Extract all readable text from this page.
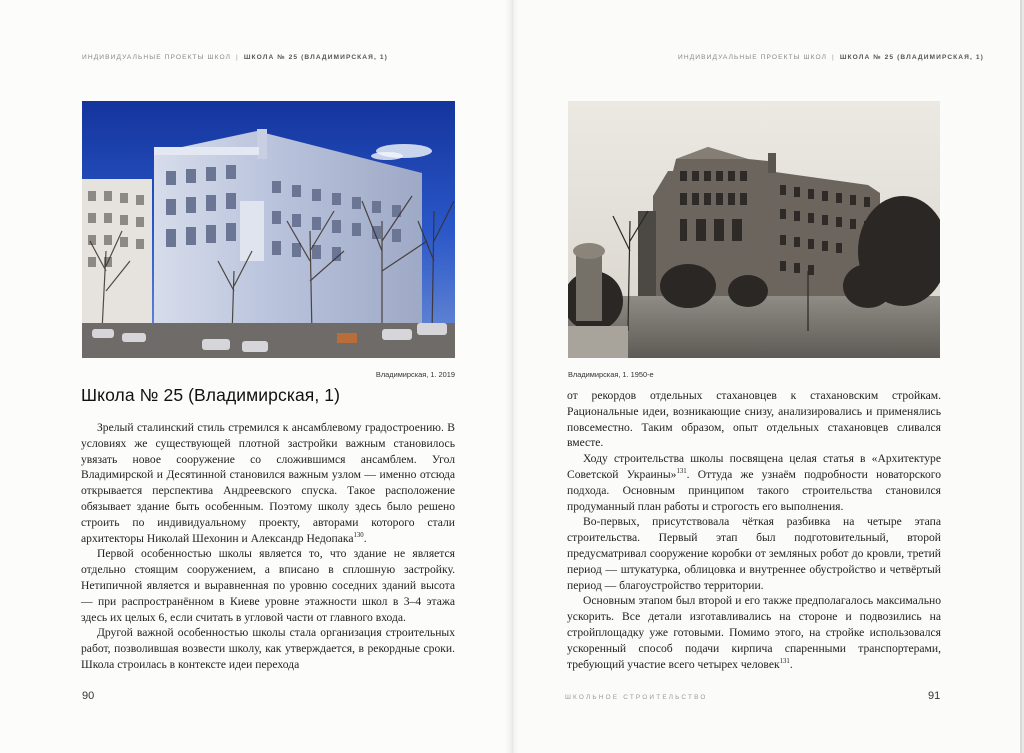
ИНДИВИДУАЛЬНЫЕ ПРОЕКТЫ ШКОЛ | ШКОЛА № 25 (ВЛАДИМИРСКАЯ, 1)
Владимирская, 1. 2019
Школа № 25 (Владимирская, 1)

Зрелый сталинский стиль стремился к ансамблевому градостроению. В условиях же существующей плотной застройки важным становилось увязать новое сооружение со сложившимся ансамблем. Угол Владимирской и Десятинной становился важным узлом — именно отсюда открывается перспектива Андреевского спуска. Такое расположение обязывает здание быть особенным. Поэтому школу здесь было решено строить по индивидуальному проекту, авторами которого стали архитекторы Николай Шехонин и Александр Недопака$^{130}$.

Первой особенностью школы является то, что здание не является отдельно стоящим сооружением, а вписано в сплошную застройку. Нетипичной является и выравненная по уровню соседних зданий высота — при распространённом в Киеве уровне этажности школ в 3–4 этажа здесь их целых 6, если считать в угловой части от главного входа.

Другой важной особенностью школы стала организация строительных работ, позволившая возвести школу, как утверждается, в рекордные сроки. Школа строилась в контексте идеи перехода

90
ИНДИВИДУАЛЬНЫЕ ПРОЕКТЫ ШКОЛ | ШКОЛА № 25 (ВЛАДИМИРСКАЯ, 1)
Владимирская, 1. 1950-е

от рекордов отдельных стахановцев к стахановским стройкам. Рациональные идеи, возникающие снизу, анализировались и применялись повсеместно. Таким образом, опыт отдельных стахановцев сливался вместе.

Ходу строительства школы посвящена целая статья в «Архитектуре Советской Украины»$^{131}$. Оттуда же узнаём подробности новаторского подхода. Основным принципом такого строительства становился продуманный план работы и строгость его выполнения.

Во-первых, присутствовала чёткая разбивка на четыре этапа строительства. Первый этап был подготовительный, второй предусматривал сооружение коробки от земляных робот до кровли, третий период — штукатурка, облицовка и внутреннее обустройство и четвёртый период — благоустройство территории.

Основным этапом был второй и его также предполагалось максимально ускорить. Все детали изготавливались на стороне и подвозились на стройплощадку уже готовыми. Помимо этого, на стройке использовался ускоренный способ подачи кирпича спаренными транспортерами, требующий участие всего четырех человек$^{131}$.

ШКОЛЬНОЕ СТРОИТЕЛЬСТВО	91
